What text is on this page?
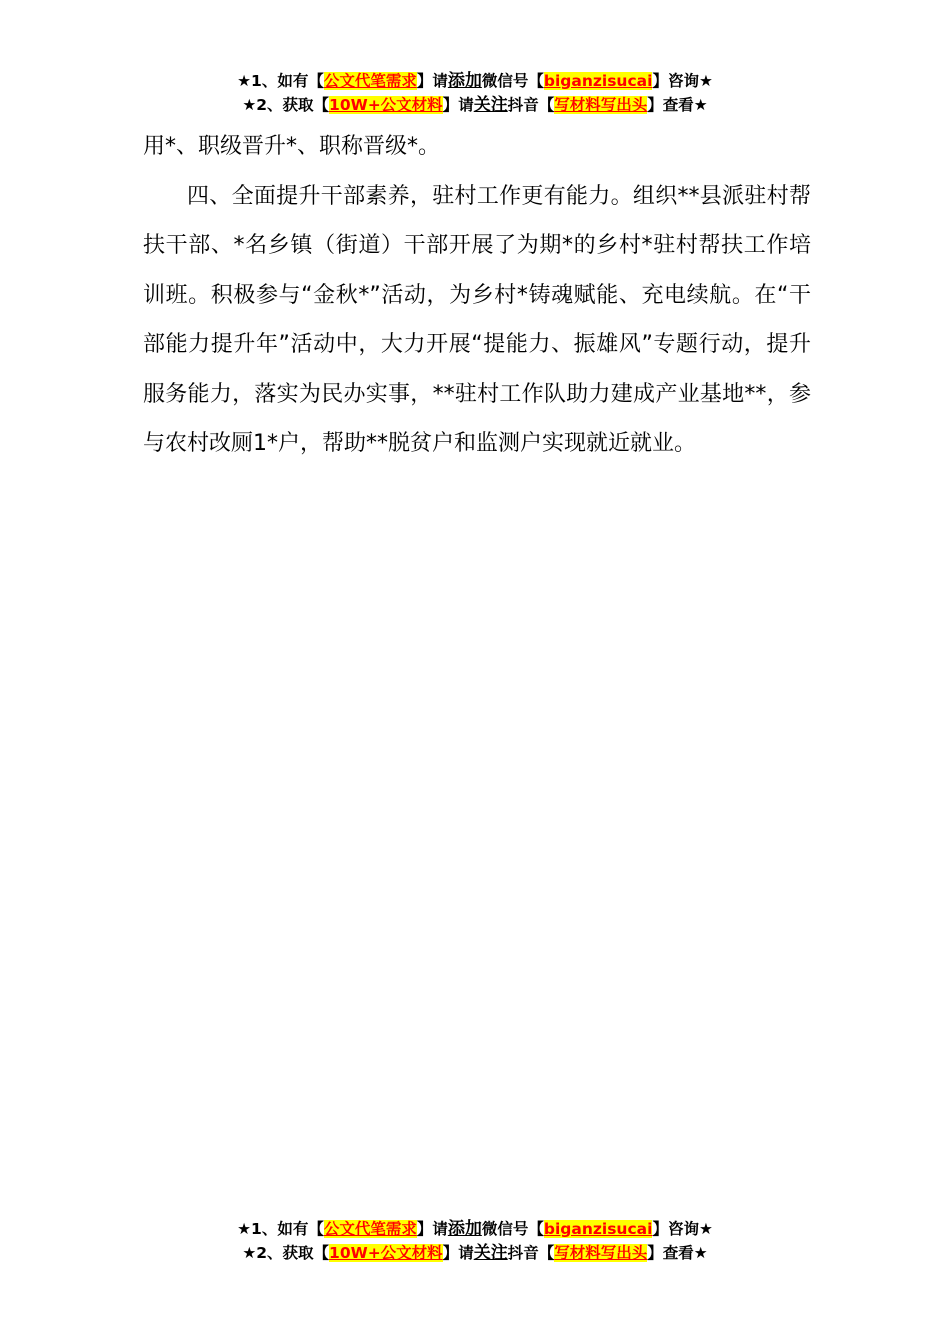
★1、如有【公文代笔需求】请添加微信号【biganzisucai】咨询★
★2、获取【10W+公文材料】请关注抖音【写材料写出头】查看★

用*、职级晋升*、职称晋级*。

四、全面提升干部素养，驻村工作更有能力。组织**县派驻村帮扶干部、*名乡镇（街道）干部开展了为期*的乡村*驻村帮扶工作培训班。积极参与“金秋*”活动，为乡村*铸魂赋能、充电续航。在“干部能力提升年”活动中，大力开展“提能力、振雄风”专题行动，提升服务能力，落实为民办实事，**驻村工作队助力建成产业基地**，参与农村改厕1*户，帮助**脱贫户和监测户实现就近就业。

★1、如有【公文代笔需求】请添加微信号【biganzisucai】咨询★
★2、获取【10W+公文材料】请关注抖音【写材料写出头】查看★
